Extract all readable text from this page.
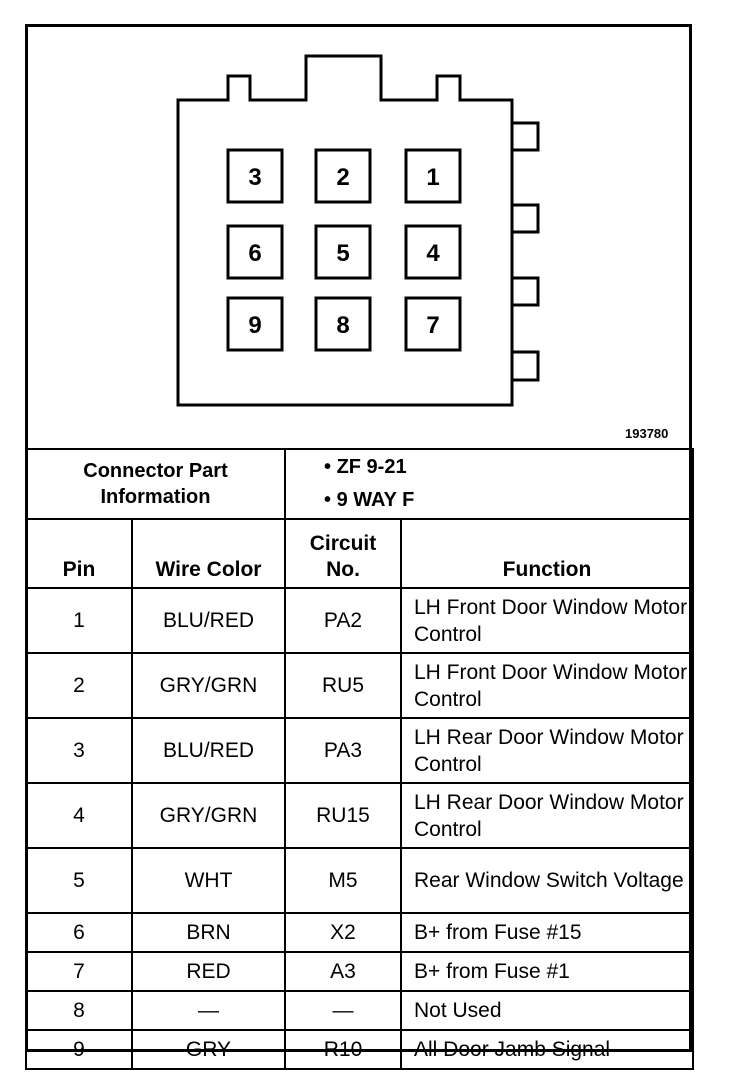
3	2	1
6	5	4
9	8	7
193780
Connector Part Information	
• ZF 9-21
• 9 WAY F
Pin	Wire Color	Circuit No.	Function
1	BLU/RED	PA2	LH Front Door Window Motor Control
2	GRY/GRN	RU5	LH Front Door Window Motor Control
3	BLU/RED	PA3	LH Rear Door Window Motor Control
4	GRY/GRN	RU15	LH Rear Door Window Motor Control
5	WHT	M5	Rear Window Switch Voltage
6	BRN	X2	B+ from Fuse #15
7	RED	A3	B+ from Fuse #1
8	—	—	Not Used
9	GRY	R10	All Door Jamb Signal
